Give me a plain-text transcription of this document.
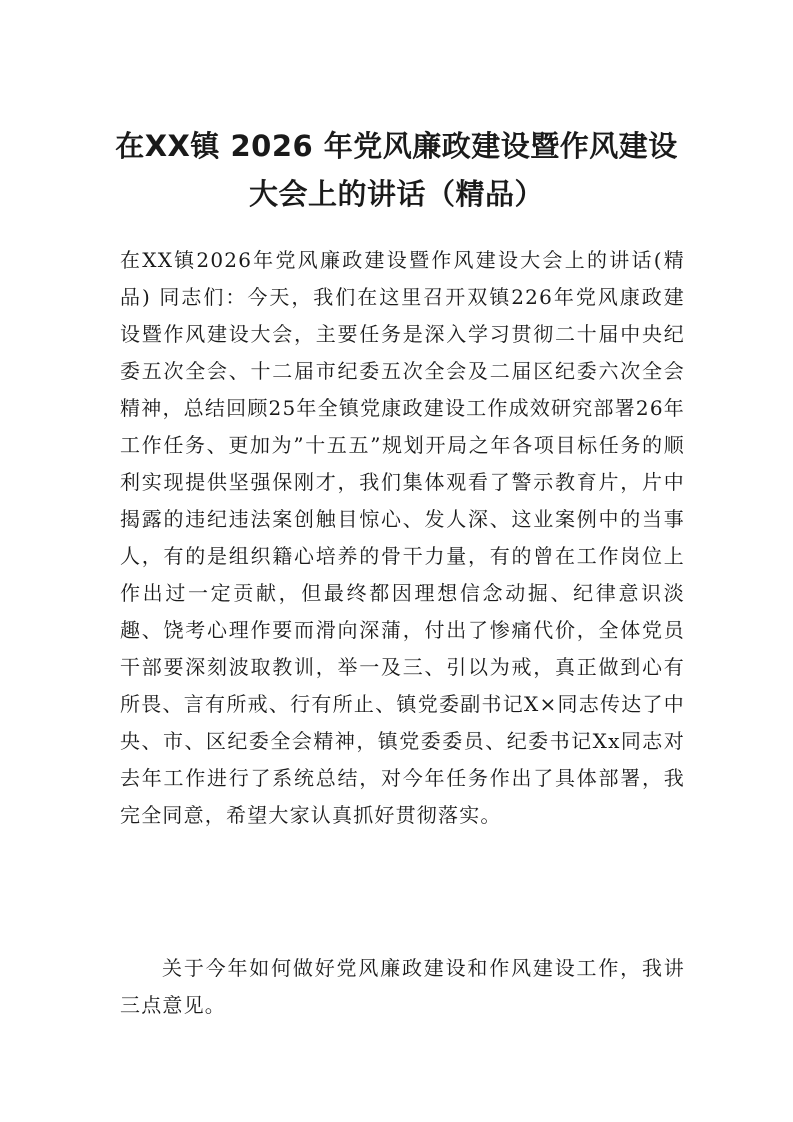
在XX镇 2026 年党风廉政建设暨作风建设
大会上的讲话（精品）

在XX镇2026年党风廉政建设暨作风建设大会上的讲话(精品) 同志们：今天，我们在这里召开双镇226年党风康政建设暨作风建设大会，主要任务是深入学习贯彻二十届中央纪委五次全会、十二届市纪委五次全会及二届区纪委六次全会精神，总结回顾25年全镇党康政建设工作成效研究部署26年工作任务、更加为”十五五”规划开局之年各项目标任务的顺利实现提供坚强保刚才，我们集体观看了警示教育片，片中揭露的违纪违法案创触目惊心、发人深、这业案例中的当事人，有的是组织籍心培养的骨干力量，有的曾在工作岗位上作出过一定贡献，但最终都因理想信念动掘、纪律意识淡趣、饶考心理作要而滑向深蒲，付出了惨痛代价，全体党员干部要深刻波取教训，举一及三、引以为戒，真正做到心有所畏、言有所戒、行有所止、镇党委副书记X×同志传达了中央、市、区纪委全会精神，镇党委委员、纪委书记Xx同志对去年工作进行了系统总结，对今年任务作出了具体部署，我完全同意，希望大家认真抓好贯彻落实。

关于今年如何做好党风廉政建设和作风建设工作，我讲三点意见。
